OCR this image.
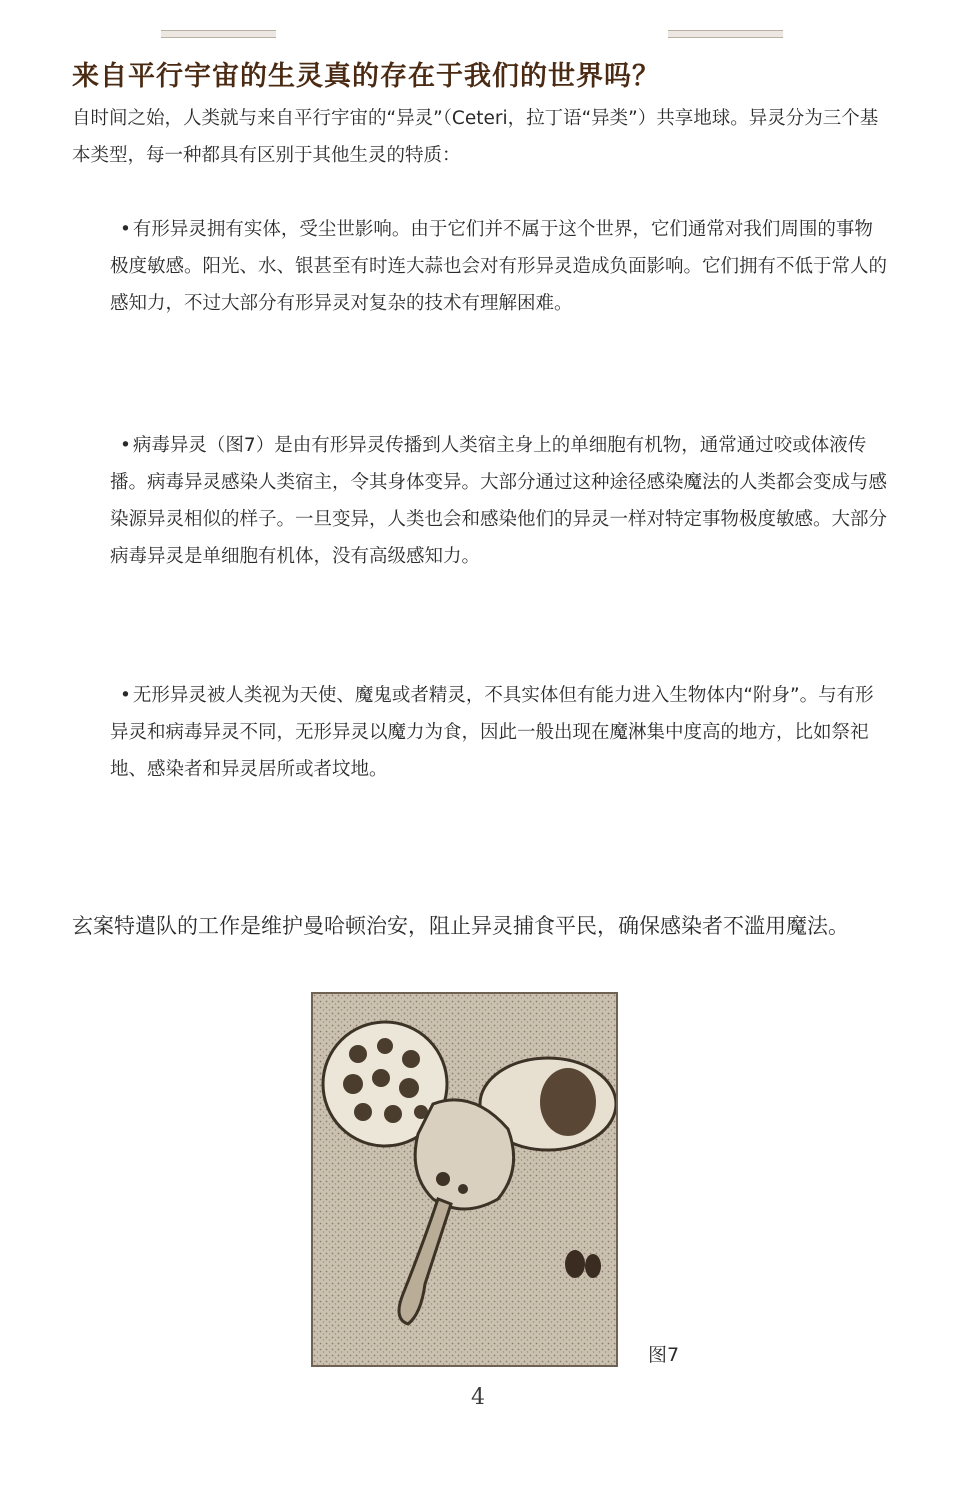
来自平行宇宙的生灵真的存在于我们的世界吗？
自时间之始，人类就与来自平行宇宙的“异灵”（Ceteri，拉丁语“异类”）共享地球。异灵分为三个基本类型，每一种都具有区别于其他生灵的特质：
• 有形异灵拥有实体，受尘世影响。由于它们并不属于这个世界，它们通常对我们周围的事物极度敏感。阳光、水、银甚至有时连大蒜也会对有形异灵造成负面影响。它们拥有不低于常人的感知力，不过大部分有形异灵对复杂的技术有理解困难。
• 病毒异灵（图7）是由有形异灵传播到人类宿主身上的单细胞有机物，通常通过咬或体液传播。病毒异灵感染人类宿主，令其身体变异。大部分通过这种途径感染魔法的人类都会变成与感染源异灵相似的样子。一旦变异，人类也会和感染他们的异灵一样对特定事物极度敏感。大部分病毒异灵是单细胞有机体，没有高级感知力。
• 无形异灵被人类视为天使、魔鬼或者精灵，不具实体但有能力进入生物体内“附身”。与有形异灵和病毒异灵不同，无形异灵以魔力为食，因此一般出现在魔淋集中度高的地方，比如祭祀地、感染者和异灵居所或者坟地。
玄案特遣队的工作是维护曼哈顿治安，阻止异灵捕食平民，确保感染者不滥用魔法。
图7
4
